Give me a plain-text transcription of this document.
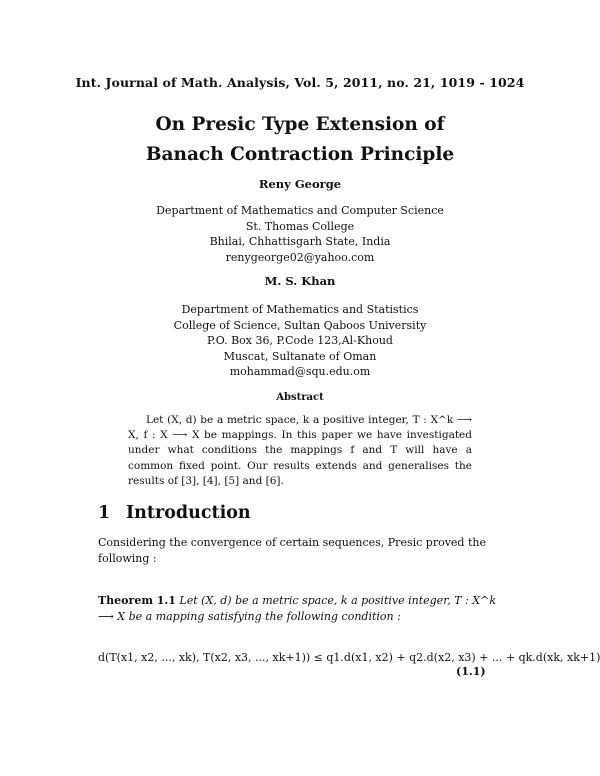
Int. Journal of Math. Analysis, Vol. 5, 2011, no. 21, 1019 - 1024
On Presic Type Extension of
Banach Contraction Principle
Reny George
Department of Mathematics and Computer Science
St. Thomas College
Bhilai, Chhattisgarh State, India
renygeorge02@yahoo.com
M. S. Khan
Department of Mathematics and Statistics
College of Science, Sultan Qaboos University
P.O. Box 36, P.Code 123,Al-Khoud
Muscat, Sultanate of Oman
mohammad@squ.edu.om
Abstract

Let (X, d) be a metric space, k a positive integer, T : X^k ⟶ X, f : X ⟶ X be mappings. In this paper we have investigated under what conditions the mappings f and T will have a common fixed point. Our results extends and generalises the results of [3], [4], [5] and [6].

1 Introduction
Considering the convergence of certain sequences, Presic proved the following :
Theorem 1.1 Let (X, d) be a metric space, k a positive integer, T : X^k ⟶ X be a mapping satisfying the following condition :
d(T(x1, x2, ..., xk), T(x2, x3, ..., xk+1)) ≤ q1.d(x1, x2) + q2.d(x2, x3) + ... + qk.d(xk, xk+1)
(1.1)
